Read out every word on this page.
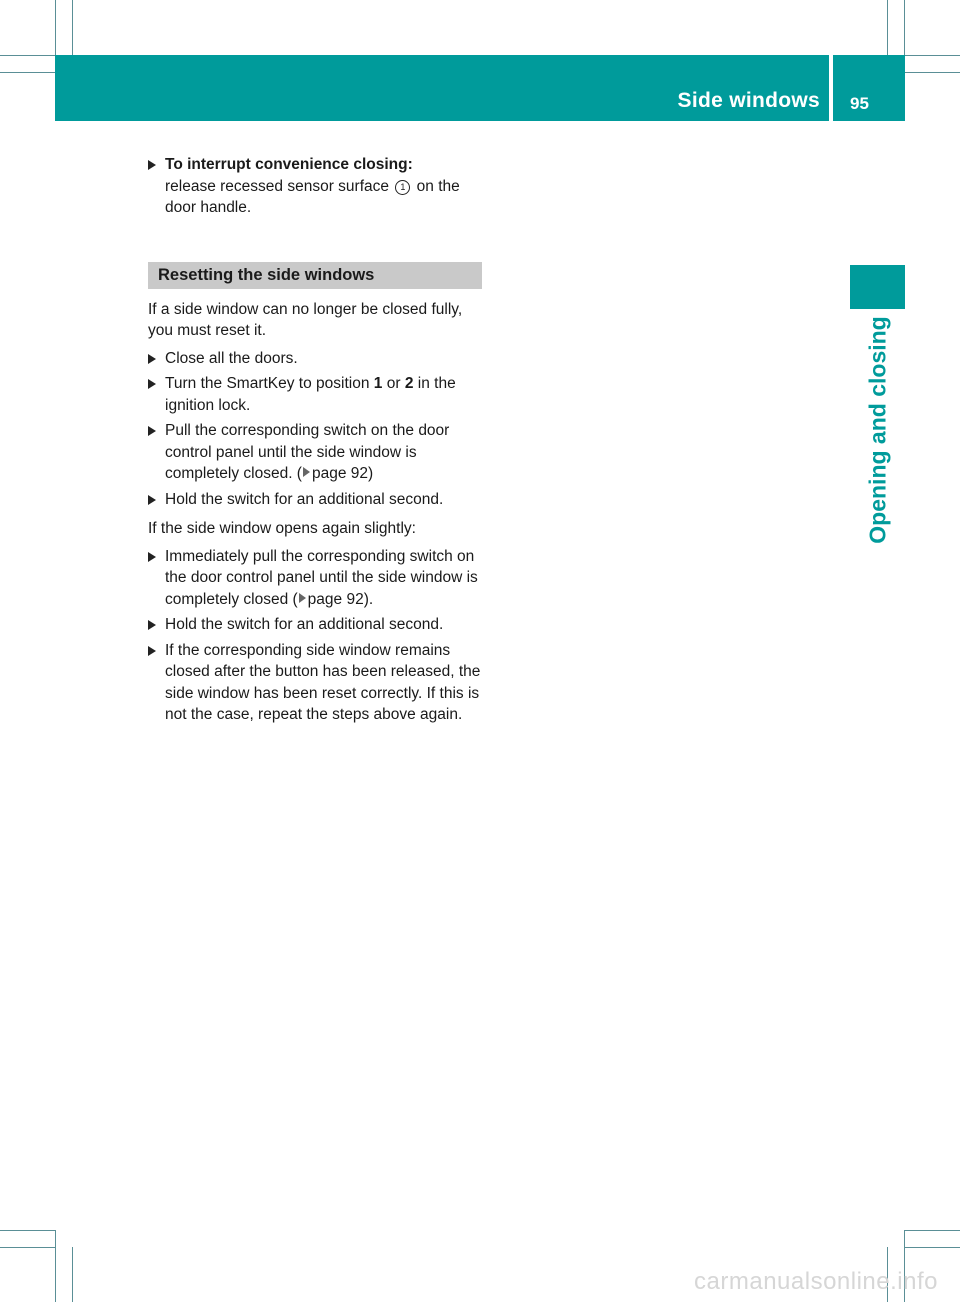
Side windows 95
Opening and closing
To interrupt convenience closing:
release recessed sensor surface 1 on the door handle.
Resetting the side windows
If a side window can no longer be closed fully, you must reset it.
Close all the doors.
Turn the SmartKey to position 1 or 2 in the ignition lock.
Pull the corresponding switch on the door control panel until the side window is completely closed. ( page 92)
Hold the switch for an additional second.
If the side window opens again slightly:
Immediately pull the corresponding switch on the door control panel until the side window is completely closed ( page 92).
Hold the switch for an additional second.
If the corresponding side window remains closed after the button has been released, the side window has been reset correctly. If this is not the case, repeat the steps above again.
carmanualsonline.info
